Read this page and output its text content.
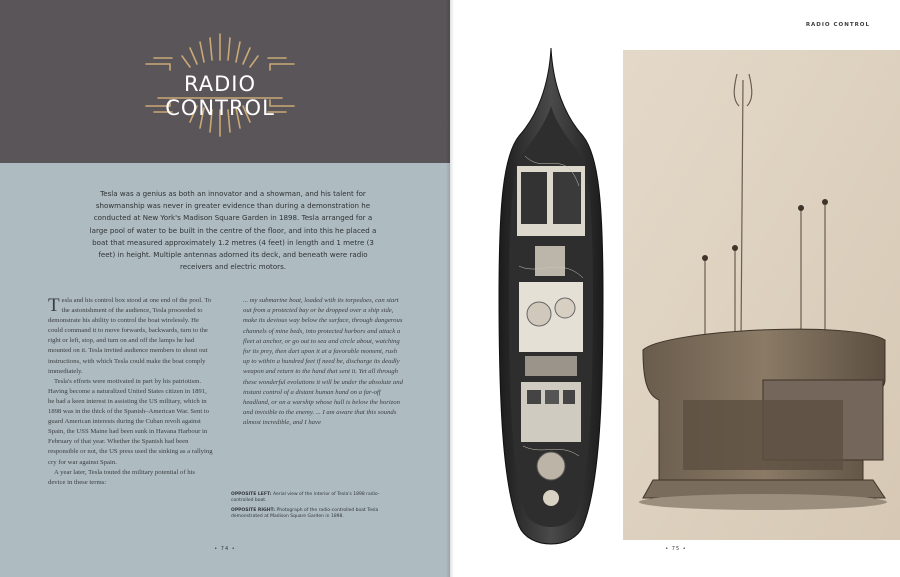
RADIO CONTROL
Tesla was a genius as both an innovator and a showman, and his talent for showmanship was never in greater evidence than during a demonstration he conducted at New York's Madison Square Garden in 1898. Tesla arranged for a large pool of water to be built in the centre of the floor, and into this he placed a boat that measured approximately 1.2 metres (4 feet) in length and 1 metre (3 feet) in height. Multiple antennas adorned its deck, and beneath were radio receivers and electric motors.

Tesla and his control box stood at one end of the pool. To the astonishment of the audience, Tesla proceeded to demonstrate his ability to control the boat wirelessly. He could command it to move forwards, backwards, turn to the right or left, stop, and turn on and off the lamps he had mounted on it. Tesla invited audience members to shout out instructions, with which Tesla could make the boat comply immediately.

Tesla's efforts were motivated in part by his patriotism. Having become a naturalized United States citizen in 1891, he had a keen interest in assisting the US military, which in 1898 was in the thick of the Spanish–American War. Sent to guard American interests during the Cuban revolt against Spain, the USS Maine had been sunk in Havana Harbour in February of that year. Whether the Spanish had been responsible or not, the US press used the sinking as a rallying cry for war against Spain.

A year later, Tesla touted the military potential of his device in these terms:

... my submarine boat, loaded with its torpedoes, can start out from a protected bay or be dropped over a ship side, make its devious way below the surface, through dangerous channels of mine beds, into protected harbors and attack a fleet at anchor, or go out to sea and circle about, watching for its prey, then dart upon it at a favorable moment, rush up to within a hundred feet if need be, discharge its deadly weapon and return to the hand that sent it. Yet all through these wonderful evolutions it will be under the absolute and instant control of a distant human hand on a far-off headland, or on a warship whose hull is below the horizon and invisible to the enemy. ... I am aware that this sounds almost incredible, and I have

OPPOSITE LEFT: Aerial view of the interior of Tesla's 1898 radio-controlled boat.

OPPOSITE RIGHT: Photograph of the radio-controlled boat Tesla demonstrated at Madison Square Garden in 1898.

• 74 •
RADIO CONTROL
• 75 •
